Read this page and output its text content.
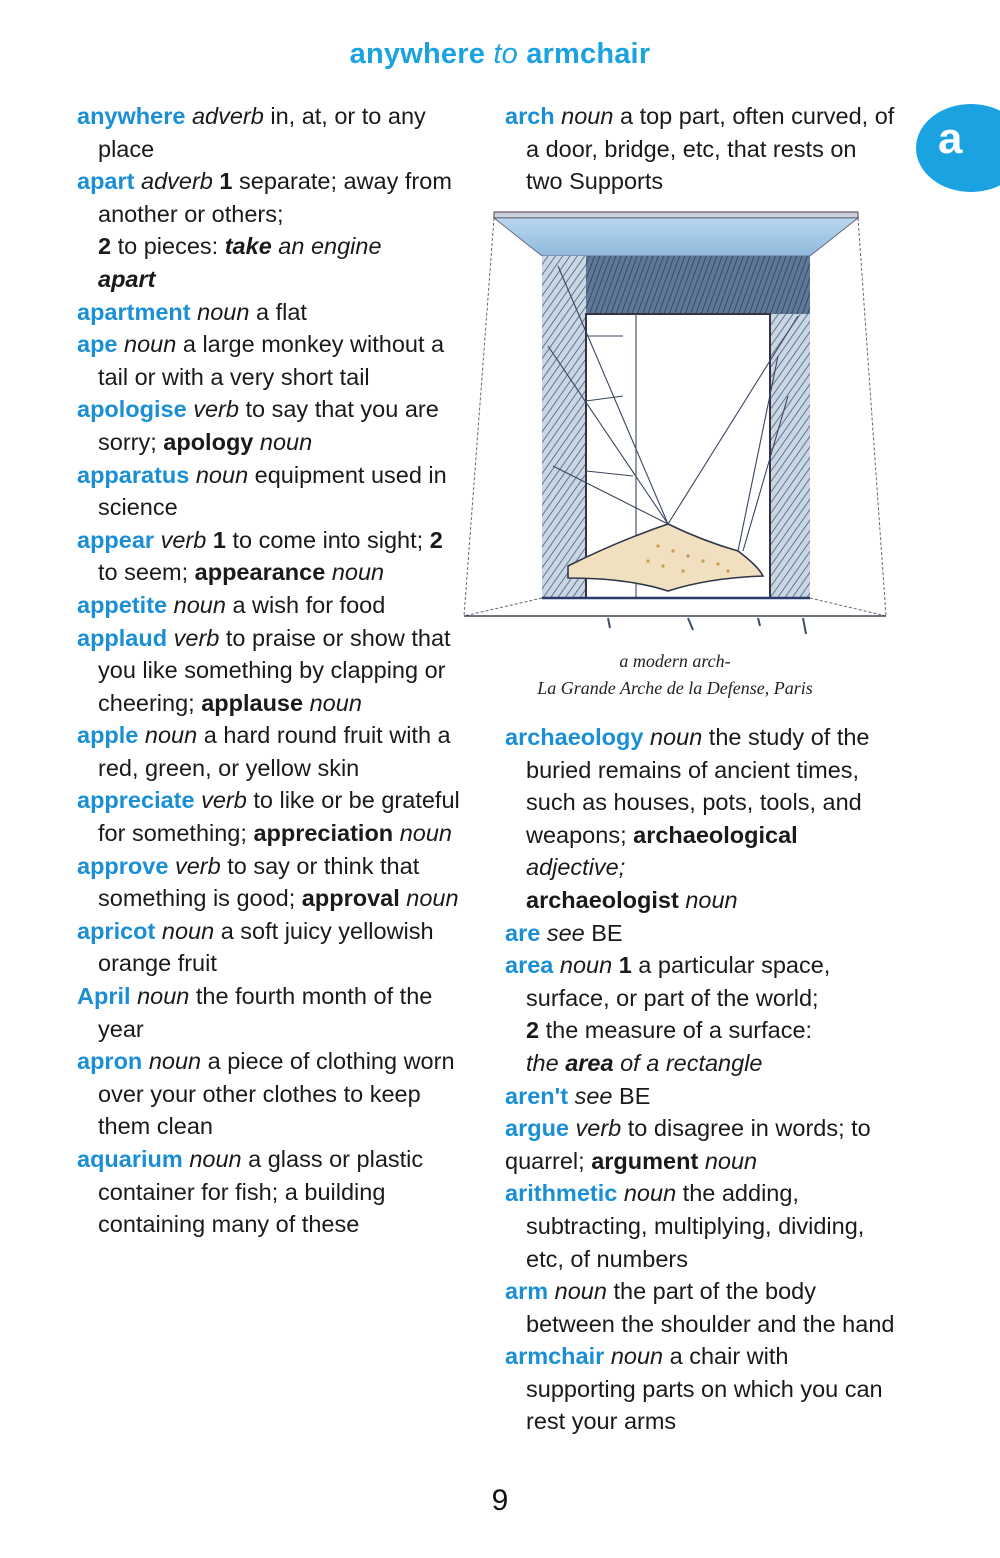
anywhere to armchair
a

anywhere adverb in, at, or to any place

apart adverb 1 separate; away from another or others;
2 to pieces: take an engine
apart

apartment noun a flat

ape noun a large monkey without a tail or with a very short tail

apologise verb to say that you are sorry; apology noun

apparatus noun equipment used in science

appear verb 1 to come into sight; 2 to seem; appearance noun

appetite noun a wish for food

applaud verb to praise or show that you like something by clapping or cheering; applause noun

apple noun a hard round fruit with a red, green, or yellow skin

appreciate verb to like or be grateful for something; appreciation noun

approve verb to say or think that something is good; approval noun

apricot noun a soft juicy yellowish orange fruit

April noun the fourth month of the year

apron noun a piece of clothing worn over your other clothes to keep them clean

aquarium noun a glass or plastic container for fish; a building containing many of these

arch noun a top part, often curved, of a door, bridge, etc, that rests on two Supports

a modern arch-
La Grande Arche de la Defense, Paris

archaeology noun the study of the buried remains of ancient times, such as houses, pots, tools, and weapons; archaeological adjective;
archaeologist noun

are see BE

area noun 1 a particular space, surface, or part of the world;
2 the measure of a surface:
the area of a rectangle

aren't see BE

argue verb to disagree in words; to quarrel; argument noun

arithmetic noun the adding, subtracting, multiplying, dividing, etc, of numbers

arm noun the part of the body between the shoulder and the hand

armchair noun a chair with supporting parts on which you can rest your arms

9
